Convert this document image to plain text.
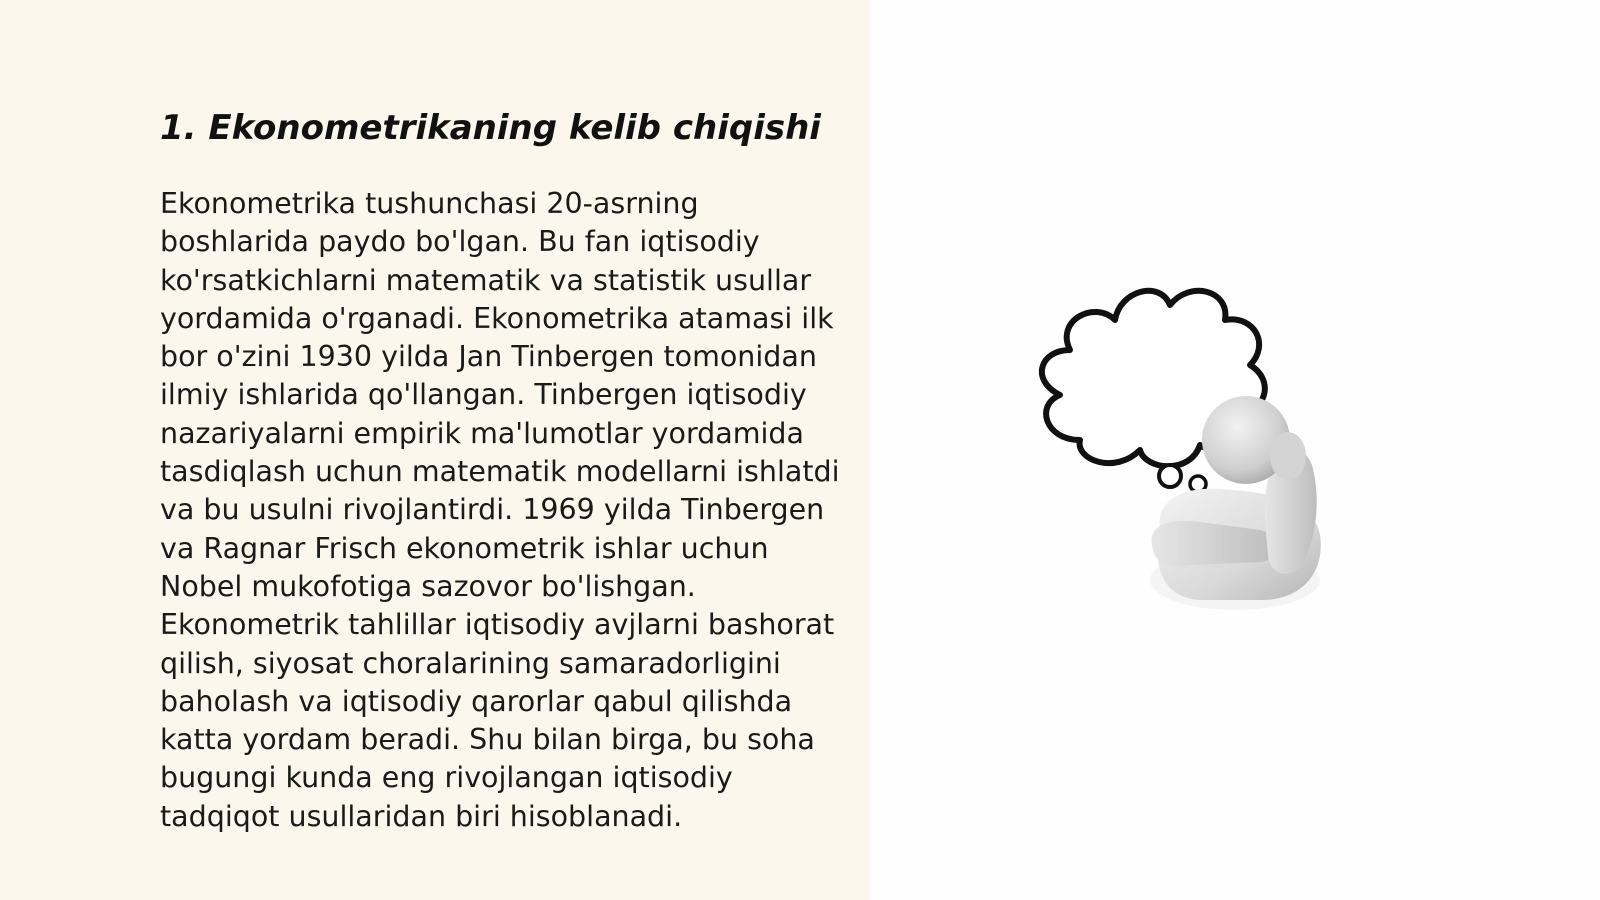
1. Ekonometrikaning kelib chiqishi

Ekonometrika tushunchasi 20-asrning boshlarida paydo bo'lgan. Bu fan iqtisodiy ko'rsatkichlarni matematik va statistik usullar yordamida o'rganadi. Ekonometrika atamasi ilk bor o'zini 1930 yilda Jan Tinbergen tomonidan ilmiy ishlarida qo'llangan. Tinbergen iqtisodiy nazariyalarni empirik ma'lumotlar yordamida tasdiqlash uchun matematik modellarni ishlatdi va bu usulni rivojlantirdi. 1969 yilda Tinbergen va Ragnar Frisch ekonometrik ishlar uchun Nobel mukofotiga sazovor bo'lishgan. Ekonometrik tahlillar iqtisodiy avjlarni bashorat qilish, siyosat choralarining samaradorligini baholash va iqtisodiy qarorlar qabul qilishda katta yordam beradi. Shu bilan birga, bu soha bugungi kunda eng rivojlangan iqtisodiy tadqiqot usullaridan biri hisoblanadi.
